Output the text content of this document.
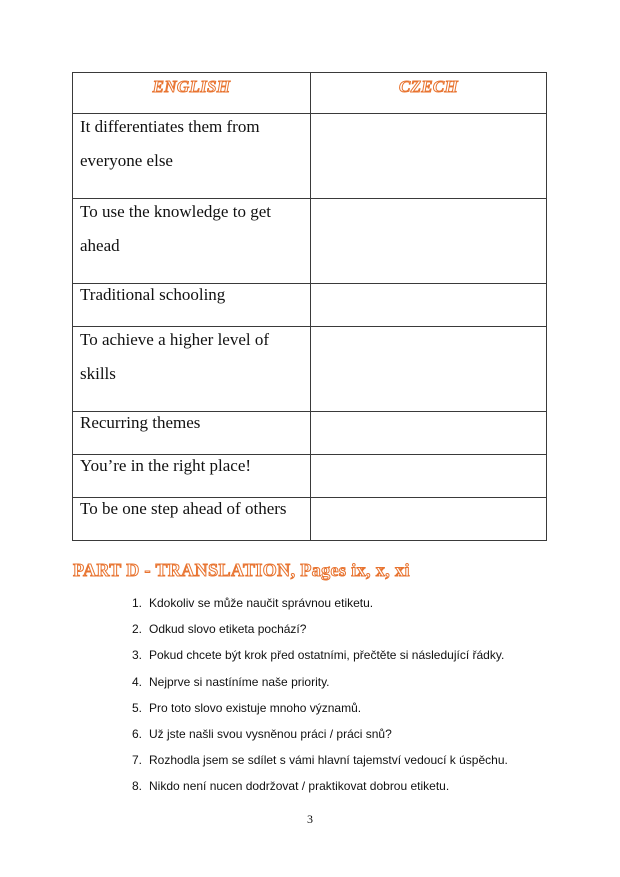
ENGLISH	CZECH

It differentiates them from
everyone else	

To use the knowledge to get
ahead	

Traditional schooling	

To achieve a higher level of
skills	

Recurring themes	

You’re in the right place!	

To be one step ahead of others	

PART D - TRANSLATION, Pages ix, x, xi
1. Kdokoliv se může naučit správnou etiketu.
2. Odkud slovo etiketa pochází?
3. Pokud chcete být krok před ostatními, přečtěte si následující řádky.
4. Nejprve si nastíníme naše priority.
5. Pro toto slovo existuje mnoho významů.
6. Už jste našli svou vysněnou práci / práci snů?
7. Rozhodla jsem se sdílet s vámi hlavní tajemství vedoucí k úspěchu.
8. Nikdo není nucen dodržovat / praktikovat dobrou etiketu.
3
